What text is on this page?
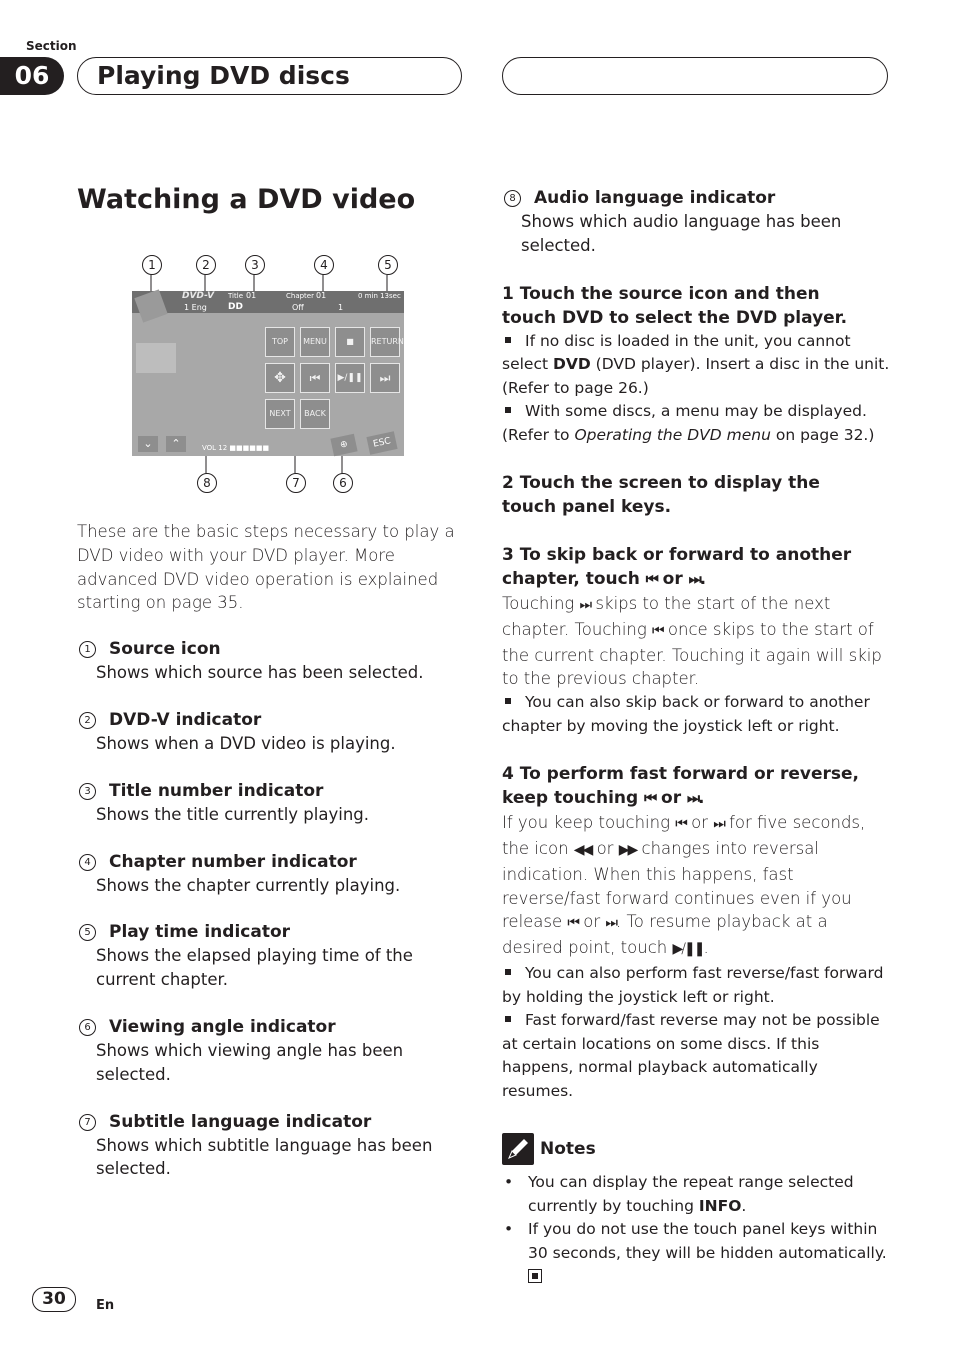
Section
06	Playing DVD discs
Watching a DVD video
1	2	3	4	5
DVD-V Title 01	Chapter 01	0 min 13sec
1 Eng DD	Off	1
TOP	MENU	■	RETURN
✥	⏮	▶/❚❚	⏭
NEXT	BACK
⌄	⌃	VOL 12 ■■■■■■	⊕	ESC
8	7	6

These are the basic steps necessary to play a DVD video with your DVD player. More advanced DVD video operation is explained starting on page 35.

1	Source icon

Shows which source has been selected.

2	DVD-V indicator

Shows when a DVD video is playing.

3	Title number indicator

Shows the title currently playing.

4	Chapter number indicator

Shows the chapter currently playing.

5	Play time indicator

Shows the elapsed playing time of the current chapter.

6	Viewing angle indicator

Shows which viewing angle has been selected.

7	Subtitle language indicator

Shows which subtitle language has been selected.

8	Audio language indicator

Shows which audio language has been selected.

1 Touch the source icon and then touch DVD to select the DVD player.

If no disc is loaded in the unit, you cannot select DVD (DVD player). Insert a disc in the unit. (Refer to page 26.)

With some discs, a menu may be displayed. (Refer to Operating the DVD menu on page 32.)

2 Touch the screen to display the touch panel keys.

3 To skip back or forward to another chapter, touch ⏮ or ⏭.

Touching ⏭ skips to the start of the next chapter. Touching ⏮ once skips to the start of the current chapter. Touching it again will skip to the previous chapter.

You can also skip back or forward to another chapter by moving the joystick left or right.

4 To perform fast forward or reverse, keep touching ⏮ or ⏭.

If you keep touching ⏮ or ⏭ for five seconds, the icon ◀◀ or ▶▶ changes into reversal indication. When this happens, fast reverse/fast forward continues even if you release ⏮ or ⏭. To resume playback at a desired point, touch ▶/❚❚.

You can also perform fast reverse/fast forward by holding the joystick left or right.

Fast forward/fast reverse may not be possible at certain locations on some discs. If this happens, normal playback automatically resumes.

Notes
• You can display the repeat range selected currently by touching INFO.
• If you do not use the touch panel keys within 30 seconds, they will be hidden automatically.
30	En
